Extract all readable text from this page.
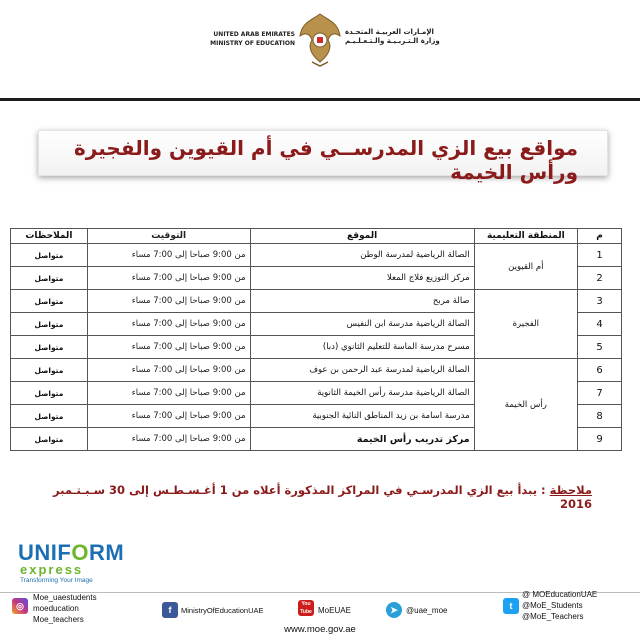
UNITED ARAB EMIRATES
MINISTRY OF EDUCATION
الإمـارات العربيـة المتحـدة
وزارة الـتـربـيـة والـتـعـلـيـم
مواقع بيع الزي المدرســي في أم القيوين والفجيرة ورأس الخيمة
م	المنطقة التعليمية	الموقع	التوقيت	الملاحظات
1	أم القيوين	الصالة الرياضية لمدرسة الوطن	من 9:00 صباحا إلى 7:00 مساء	متواصل
2		مركز التوزيع فلاج المعلا	من 9:00 صباحا إلى 7:00 مساء	متواصل
3	الفجيرة	صالة مربح	من 9:00 صباحا إلى 7:00 مساء	متواصل
4		الصالة الرياضية مدرسة ابن النفيس	من 9:00 صباحا إلى 7:00 مساء	متواصل
5		مسرح مدرسة الماسة للتعليم الثانوي (دبا)	من 9:00 صباحا إلى 7:00 مساء	متواصل
6	رأس الخيمة	الصالة الرياضية لمدرسة عبد الرحمن بن عوف	من 9:00 صباحا إلى 7:00 مساء	متواصل
7		الصالة الرياضية مدرسة رأس الخيمة الثانوية	من 9:00 صباحا إلى 7:00 مساء	متواصل
8		مدرسة اسامة بن زيد المناطق النائية الجنوبية	من 9:00 صباحا إلى 7:00 مساء	متواصل
9		مركز تدريب رأس الخيمة	من 9:00 صباحا إلى 7:00 مساء	متواصل
ملاحظة : يبدأ بيع الزي المدرسـي في المراكز المذكورة أعلاه من 1 أغـسـطـس إلى 30 سـبـتـمبر 2016
UNIFORM
express
Transforming Your Image
◎
Moe_uaestudents
moeducation
Moe_teachers
f	MinistryOfEducationUAE
You Tube MoEUAE	➤	@uae_moe	t
@ MOEducationUAE
@MoE_Students
@MoE_Teachers
www.moe.gov.ae
